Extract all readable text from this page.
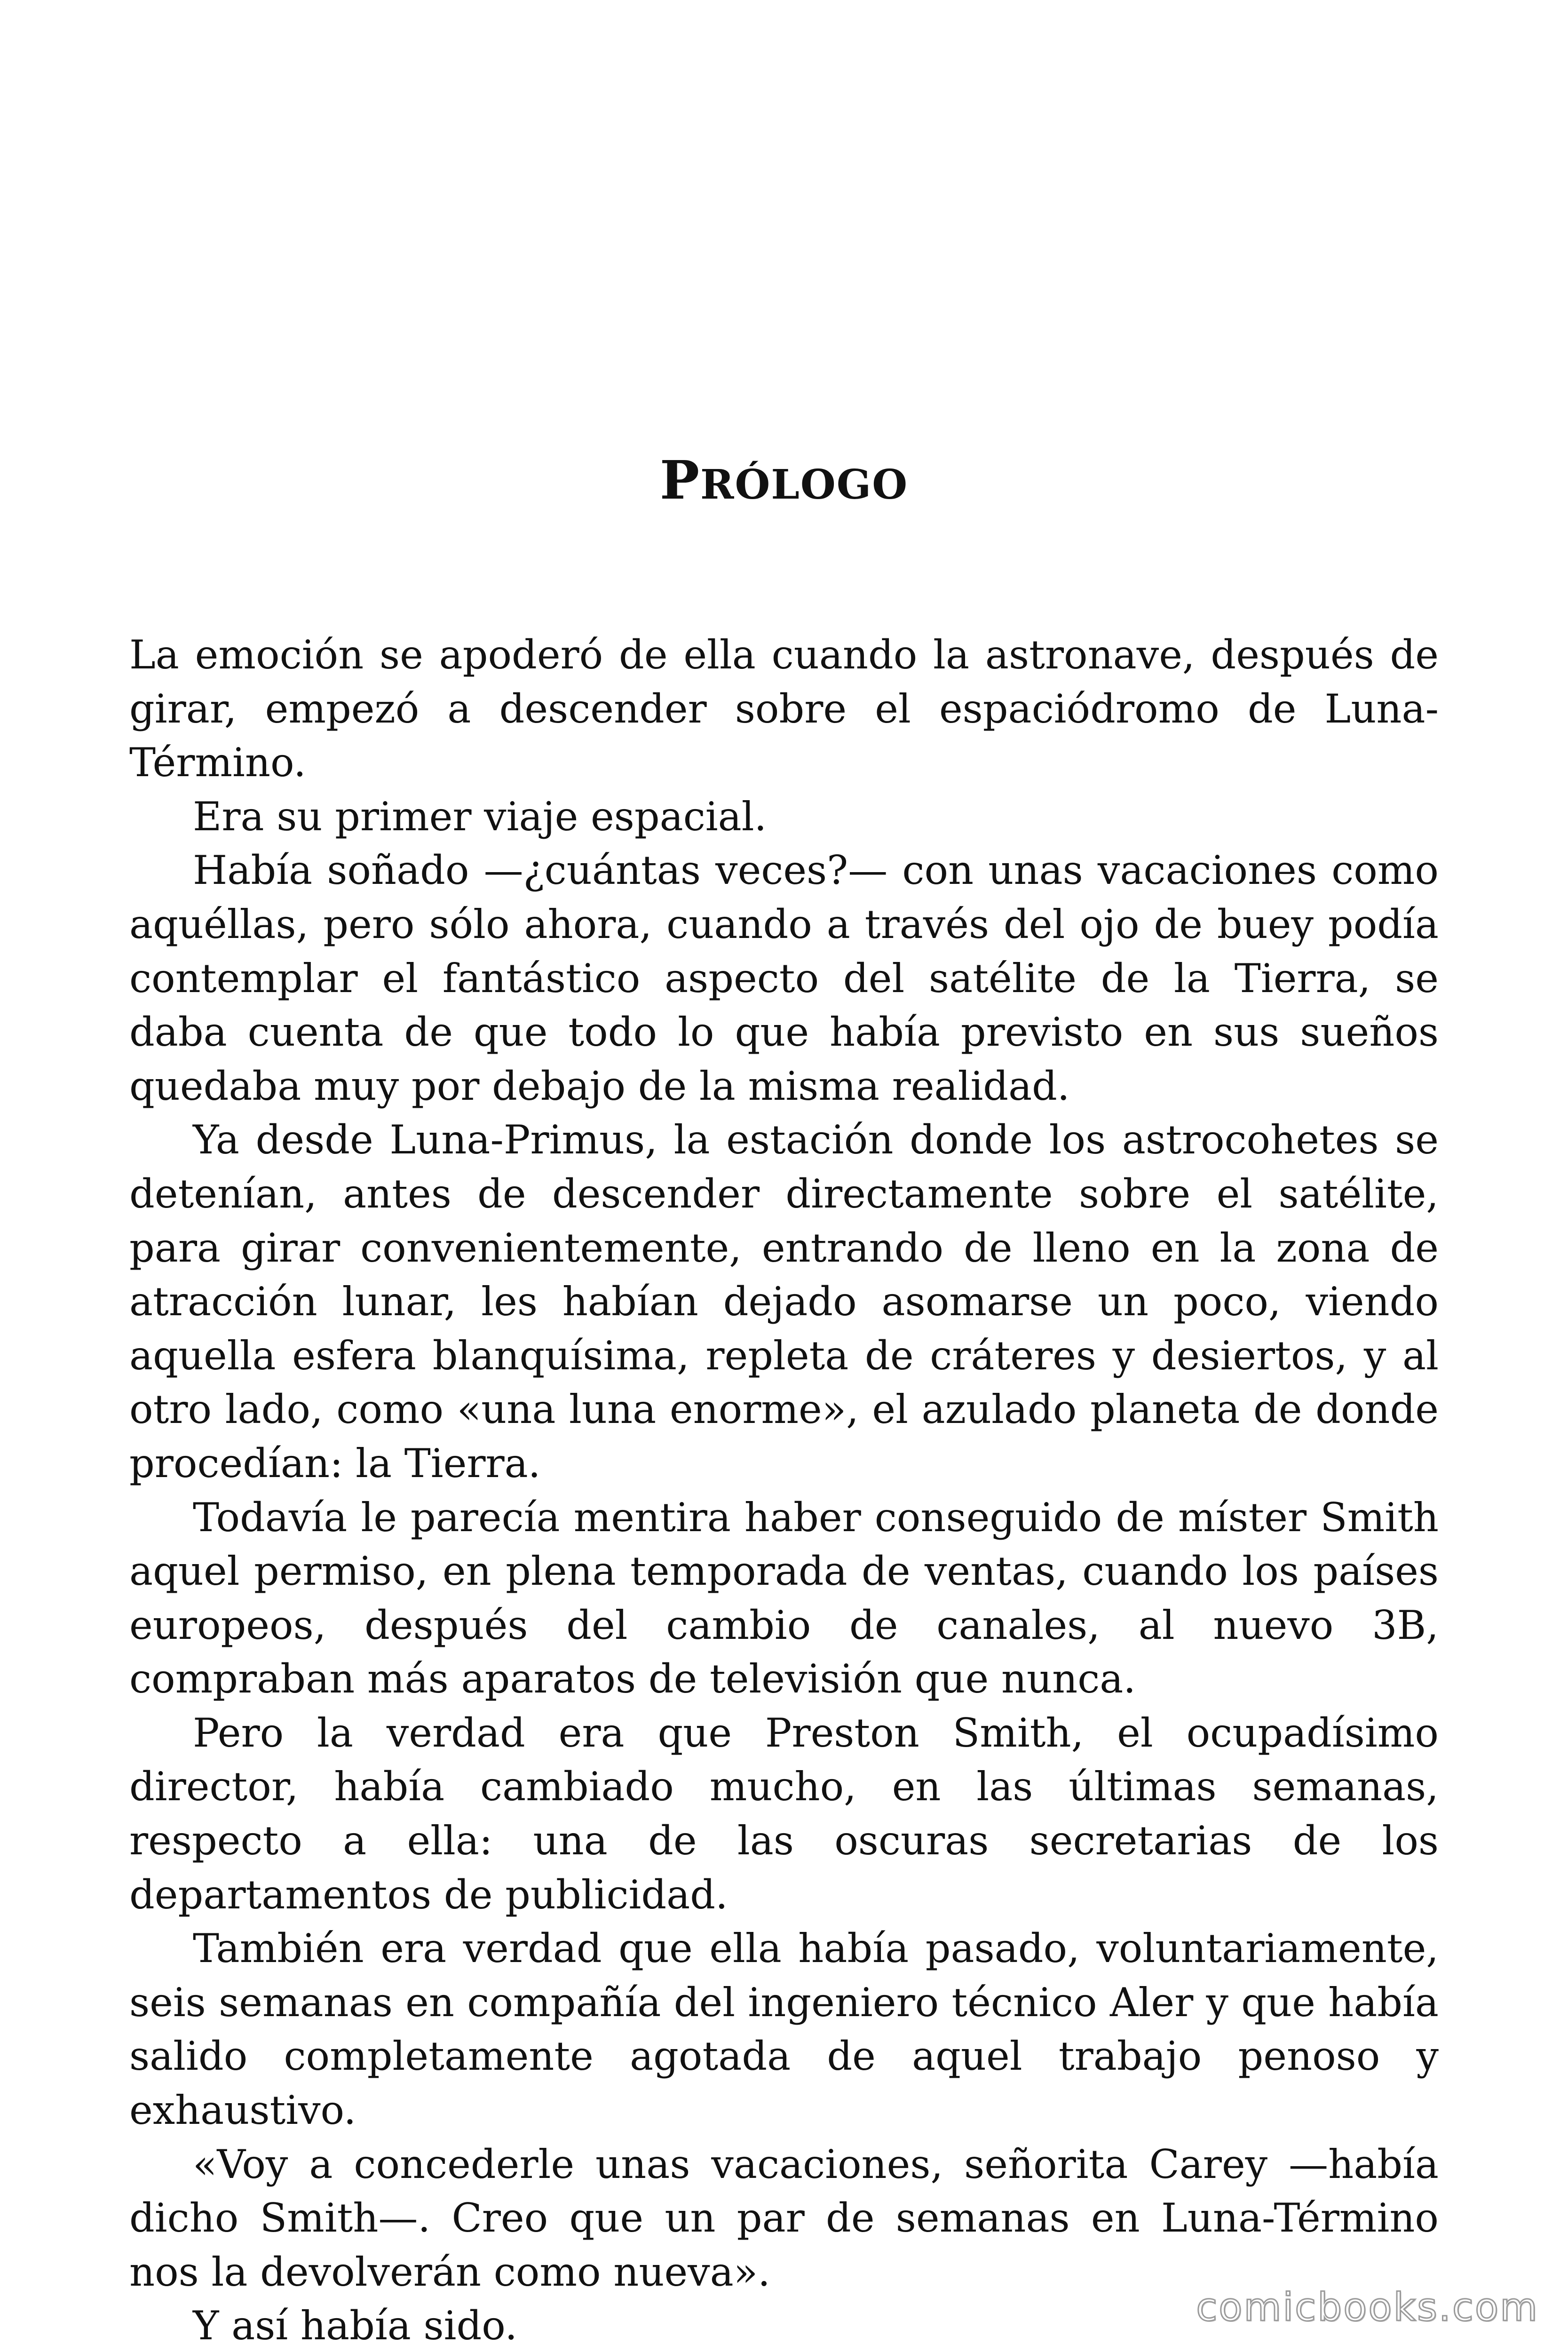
PRÓLOGO

La emoción se apoderó de ella cuando la astronave, después de girar, empezó a descender sobre el espaciódromo de Luna-Término.

Era su primer viaje espacial.

Había soñado —¿cuántas veces?— con unas vacaciones como aquéllas, pero sólo ahora, cuando a través del ojo de buey podía contemplar el fantástico aspecto del satélite de la Tierra, se daba cuenta de que todo lo que había previsto en sus sueños quedaba muy por debajo de la misma realidad.

Ya desde Luna-Primus, la estación donde los astrocohetes se detenían, antes de descender directamente sobre el satélite, para girar convenientemente, entrando de lleno en la zona de atracción lunar, les habían dejado asomarse un poco, viendo aquella esfera blanquísima, repleta de cráteres y desiertos, y al otro lado, como «una luna enorme», el azulado planeta de donde procedían: la Tierra.

Todavía le parecía mentira haber conseguido de míster Smith aquel permiso, en plena temporada de ventas, cuando los países europeos, después del cambio de canales, al nuevo 3B, compraban más aparatos de televisión que nunca.

Pero la verdad era que Preston Smith, el ocupadísimo director, había cambiado mucho, en las últimas semanas, respecto a ella: una de las oscuras secretarias de los departamentos de publicidad.

También era verdad que ella había pasado, voluntariamente, seis semanas en compañía del ingeniero técnico Aler y que había salido completamente agotada de aquel trabajo penoso y exhaustivo.

«Voy a concederle unas vacaciones, señorita Carey —había dicho Smith—. Creo que un par de semanas en Luna-Término nos la devolverán como nueva».

Y así había sido.	comicbooks.com
